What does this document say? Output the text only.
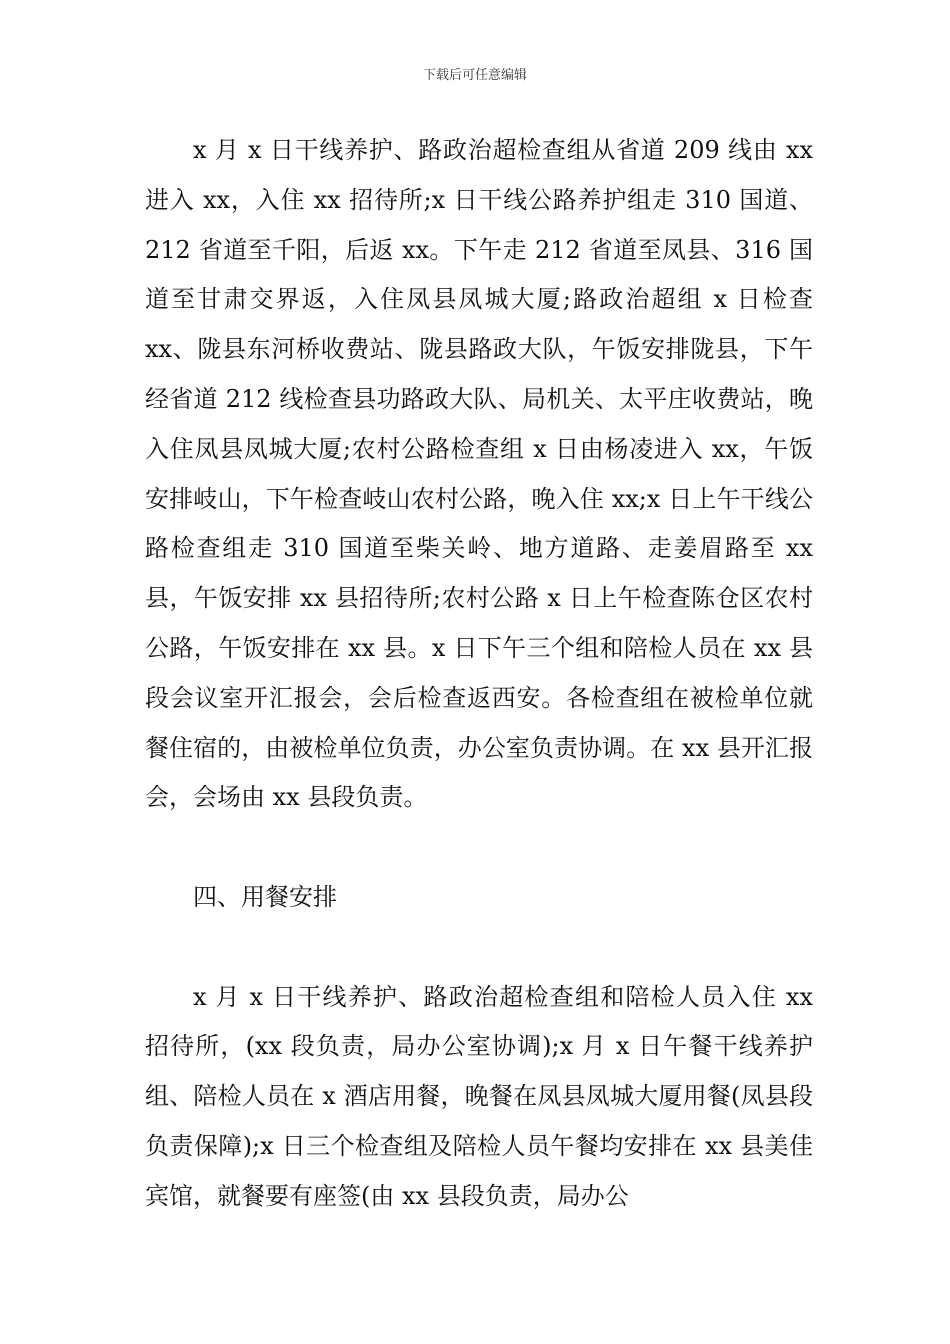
下载后可任意编辑

x 月 x 日干线养护、路政治超检查组从省道 209 线由 xx 进入 xx，入住 xx 招待所;x 日干线公路养护组走 310 国道、212 省道至千阳，后返 xx。下午走 212 省道至凤县、316 国道至甘肃交界返，入住凤县凤城大厦;路政治超组 x 日检查 xx、陇县东河桥收费站、陇县路政大队，午饭安排陇县，下午经省道 212 线检查县功路政大队、局机关、太平庄收费站，晚入住凤县凤城大厦;农村公路检查组 x 日由杨凌进入 xx，午饭安排岐山，下午检查岐山农村公路，晚入住 xx;x 日上午干线公路检查组走 310 国道至柴关岭、地方道路、走姜眉路至 xx 县，午饭安排 xx 县招待所;农村公路 x 日上午检查陈仓区农村公路，午饭安排在 xx 县。x 日下午三个组和陪检人员在 xx 县段会议室开汇报会，会后检查返西安。各检查组在被检单位就餐住宿的，由被检单位负责，办公室负责协调。在 xx 县开汇报会，会场由 xx 县段负责。

四、用餐安排

x 月 x 日干线养护、路政治超检查组和陪检人员入住 xx 招待所，(xx 段负责，局办公室协调);x 月 x 日午餐干线养护组、陪检人员在 x 酒店用餐，晚餐在凤县凤城大厦用餐(凤县段负责保障);x 日三个检查组及陪检人员午餐均安排在 xx 县美佳宾馆，就餐要有座签(由 xx 县段负责，局办公
